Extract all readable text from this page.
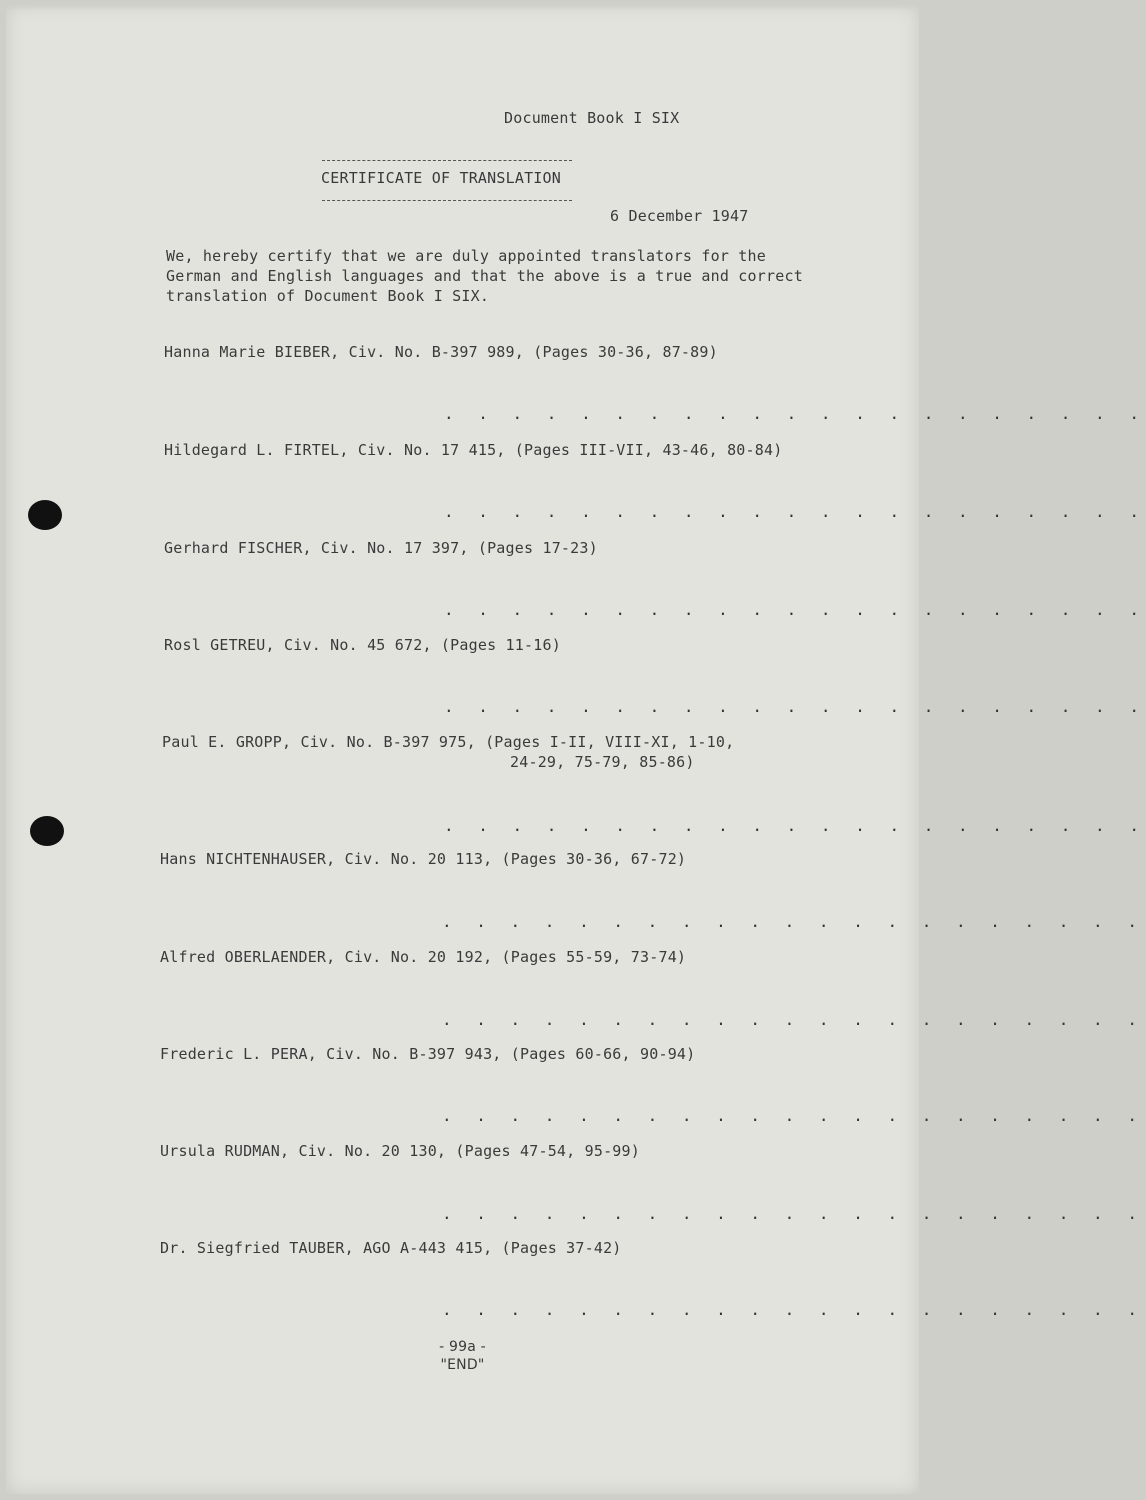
Document Book I SIX
CERTIFICATE OF TRANSLATION
6 December 1947
We, hereby certify that we are duly appointed translators for the
German and English languages and that the above is a true and correct
translation of Document Book I SIX.
Hanna Marie BIEBER, Civ. No. B-397 989, (Pages 30-36, 87-89)
. . . . . . . . . . . . . . . . . . . . .
Hildegard L. FIRTEL, Civ. No. 17 415, (Pages III-VII, 43-46, 80-84)
. . . . . . . . . . . . . . . . . . . . .
Gerhard FISCHER, Civ. No. 17 397, (Pages 17-23)
. . . . . . . . . . . . . . . . . . . . .
Rosl GETREU, Civ. No. 45 672, (Pages 11-16)
. . . . . . . . . . . . . . . . . . . . .
Paul E. GROPP, Civ. No. B-397 975, (Pages I-II, VIII-XI, 1-10,
24-29, 75-79, 85-86)
. . . . . . . . . . . . . . . . . . . . .
Hans NICHTENHAUSER, Civ. No. 20 113, (Pages 30-36, 67-72)
. . . . . . . . . . . . . . . . . . . . .
Alfred OBERLAENDER, Civ. No. 20 192, (Pages 55-59, 73-74)
. . . . . . . . . . . . . . . . . . . . .
Frederic L. PERA, Civ. No. B-397 943, (Pages 60-66, 90-94)
. . . . . . . . . . . . . . . . . . . . .
Ursula RUDMAN, Civ. No. 20 130, (Pages 47-54, 95-99)
. . . . . . . . . . . . . . . . . . . . .
Dr. Siegfried TAUBER, AGO A-443 415, (Pages 37-42)
. . . . . . . . . . . . . . . . . . . . .
- 99a -
"END"
